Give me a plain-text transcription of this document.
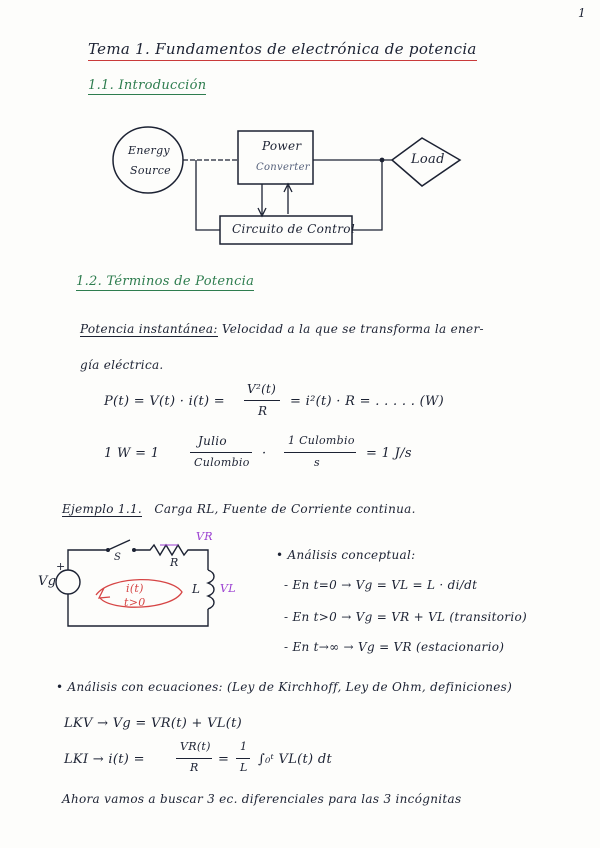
1
Tema 1. Fundamentos de electrónica de potencia
1.1. Introducción
Energy
Source
Power
Converter
Load
Circuito de Control
1.2. Términos de Potencia
Potencia instantánea: Velocidad a la que se transforma la ener-
gía eléctrica.
P(t) = V(t) · i(t) =
V²(t)
R
= i²(t) · R = . . . . . (W)
1 W = 1
Julio
Culombio
·
1 Culombio
s
= 1 J/s
Ejemplo 1.1. Carga RL, Fuente de Corriente continua.
Vg
+
S
VR
R
L VL
i(t)
t>0
• Análisis conceptual:
- En t=0 → Vg = VL = L · di/dt
- En t>0 → Vg = VR + VL (transitorio)
- En t→∞ → Vg = VR (estacionario)
• Análisis con ecuaciones: (Ley de Kirchhoff, Ley de Ohm, definiciones)
LKV → Vg = VR(t) + VL(t)
LKI → i(t) =
VR(t)
R
=
1
L
∫₀ᵗ VL(t) dt
Ahora vamos a buscar 3 ec. diferenciales para las 3 incógnitas
